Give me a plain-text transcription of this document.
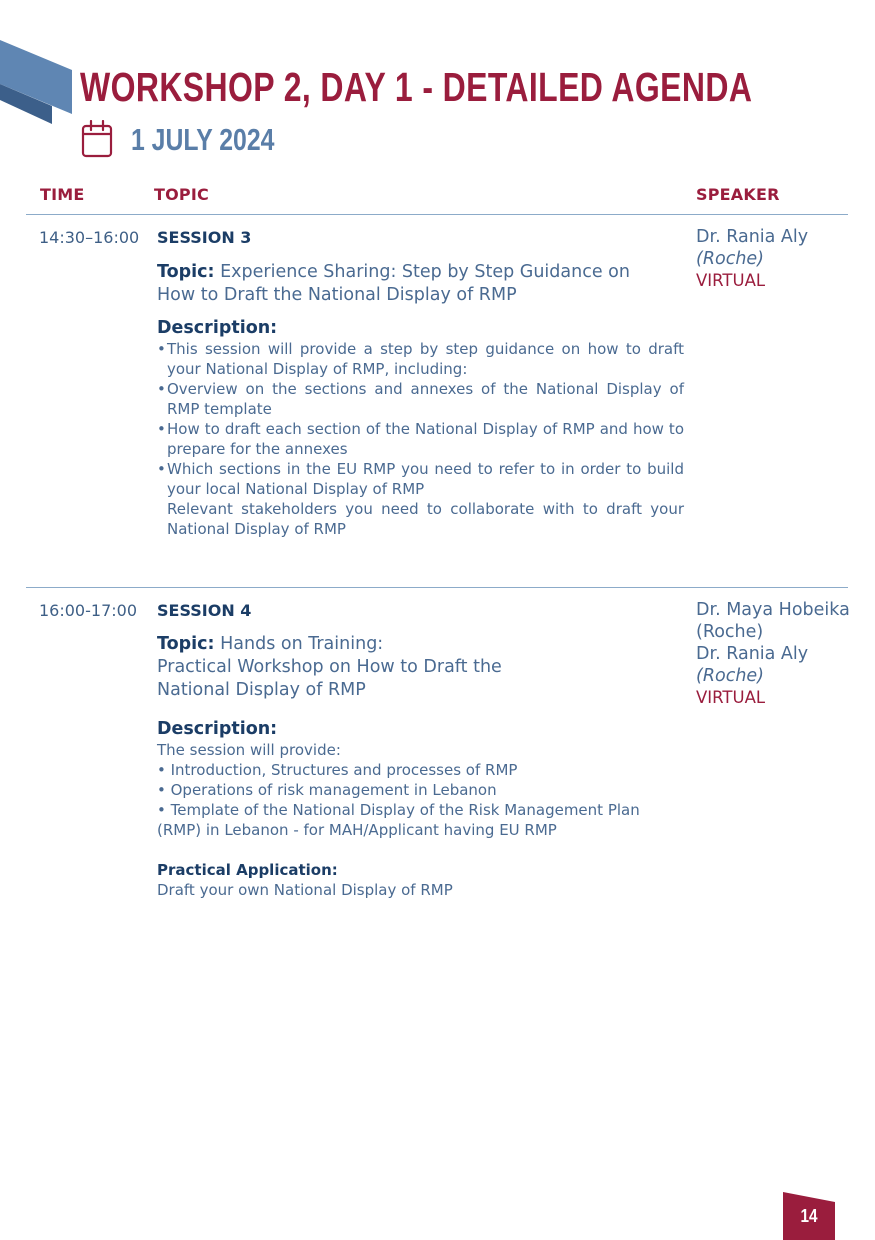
WORKSHOP 2, DAY 1 - DETAILED AGENDA
1 JULY 2024
TIME	TOPIC	SPEAKER
14:30–16:00 SESSION 3
Topic: Experience Sharing: Step by Step Guidance on
How to Draft the National Display of RMP
Description:
• This session will provide a step by step guidance on how to draft your National Display of RMP, including:
• Overview on the sections and annexes of the National Display of RMP template
• How to draft each section of the National Display of RMP and how to prepare for the annexes
• Which sections in the EU RMP you need to refer to in order to build your local National Display of RMP
Relevant stakeholders you need to collaborate with to draft your National Display of RMP
Dr. Rania Aly
(Roche)
VIRTUAL
16:00-17:00 SESSION 4
Topic: Hands on Training:
Practical Workshop on How to Draft the
National Display of RMP
Description:
The session will provide:
• Introduction, Structures and processes of RMP
• Operations of risk management in Lebanon
• Template of the National Display of the Risk Management Plan
(RMP) in Lebanon - for MAH/Applicant having EU RMP
Practical Application:
Draft your own National Display of RMP
Dr. Maya Hobeika
(Roche)
Dr. Rania Aly
(Roche)
VIRTUAL
14
